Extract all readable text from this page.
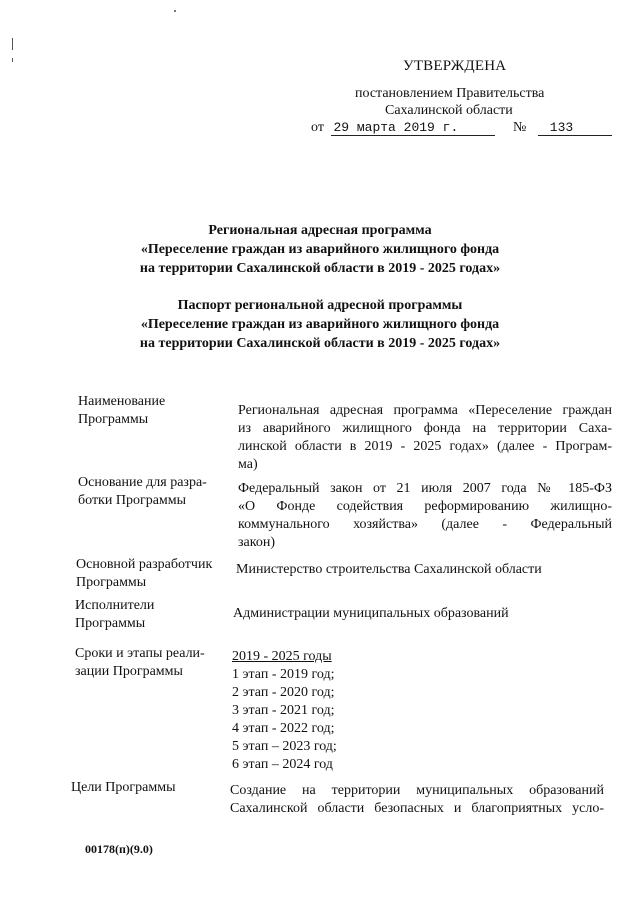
УТВЕРЖДЕНА
постановлением Правительства
Сахалинской области
от 29 марта 2019 г.	№ 133
Региональная адресная программа
«Переселение граждан из аварийного жилищного фонда
на территории Сахалинской области в 2019 - 2025 годах»
Паспорт региональной адресной программы
«Переселение граждан из аварийного жилищного фонда
на территории Сахалинской области в 2019 - 2025 годах»
Наименование
Программы
Региональная адресная программа «Переселение граждан
из аварийного жилищного фонда на территории Саха-
линской области в 2019 - 2025 годах» (далее - Програм-
ма)
Основание для разра-
ботки Программы
Федеральный закон от 21 июля 2007 года № 185-ФЗ
«О Фонде содействия реформированию жилищно-
коммунального хозяйства» (далее - Федеральный
закон)
Основной разработчик
Программы
Министерство строительства Сахалинской области
Исполнители
Программы
Администрации муниципальных образований
Сроки и этапы реали-
зации Программы
2019 - 2025 годы
1 этап - 2019 год;
2 этап - 2020 год;
3 этап - 2021 год;
4 этап - 2022 год;
5 этап – 2023 год;
6 этап – 2024 год
Цели Программы	Создание на территории муниципальных образований
Сахалинской области безопасных и благоприятных усло-
00178(п)(9.0)
